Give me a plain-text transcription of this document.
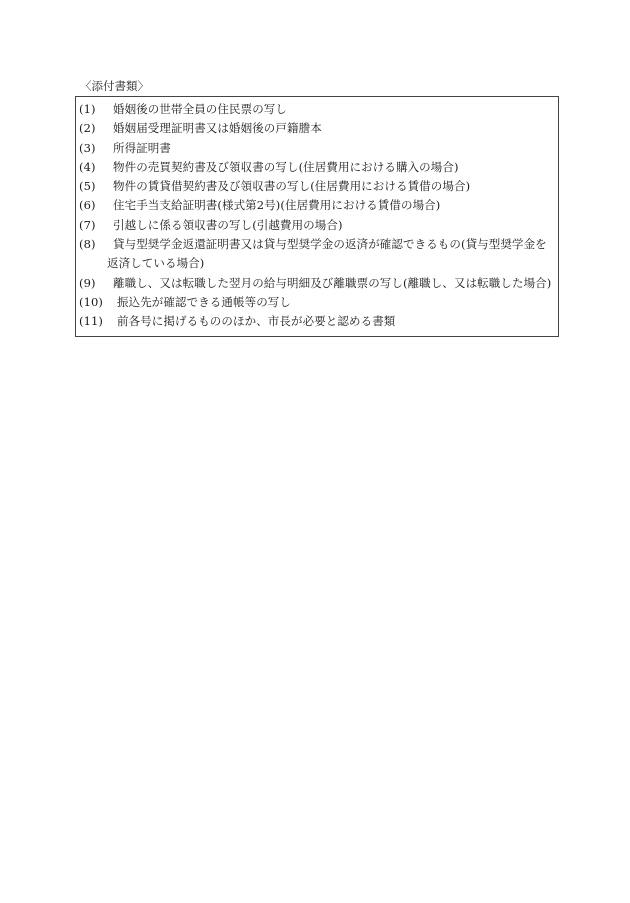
〈添付書類〉
(1) 婚姻後の世帯全員の住民票の写し
(2) 婚姻届受理証明書又は婚姻後の戸籍謄本
(3) 所得証明書
(4) 物件の売買契約書及び領収書の写し(住居費用における購入の場合)
(5) 物件の賃貸借契約書及び領収書の写し(住居費用における賃借の場合)
(6) 住宅手当支給証明書(様式第2号)(住居費用における賃借の場合)
(7) 引越しに係る領収書の写し(引越費用の場合)
(8) 貸与型奨学金返還証明書又は貸与型奨学金の返済が確認できるもの(貸与型奨学金を返済している場合)
(9) 離職し、又は転職した翌月の給与明細及び離職票の写し(離職し、又は転職した場合)
(10) 振込先が確認できる通帳等の写し
(11) 前各号に掲げるもののほか、市長が必要と認める書類
